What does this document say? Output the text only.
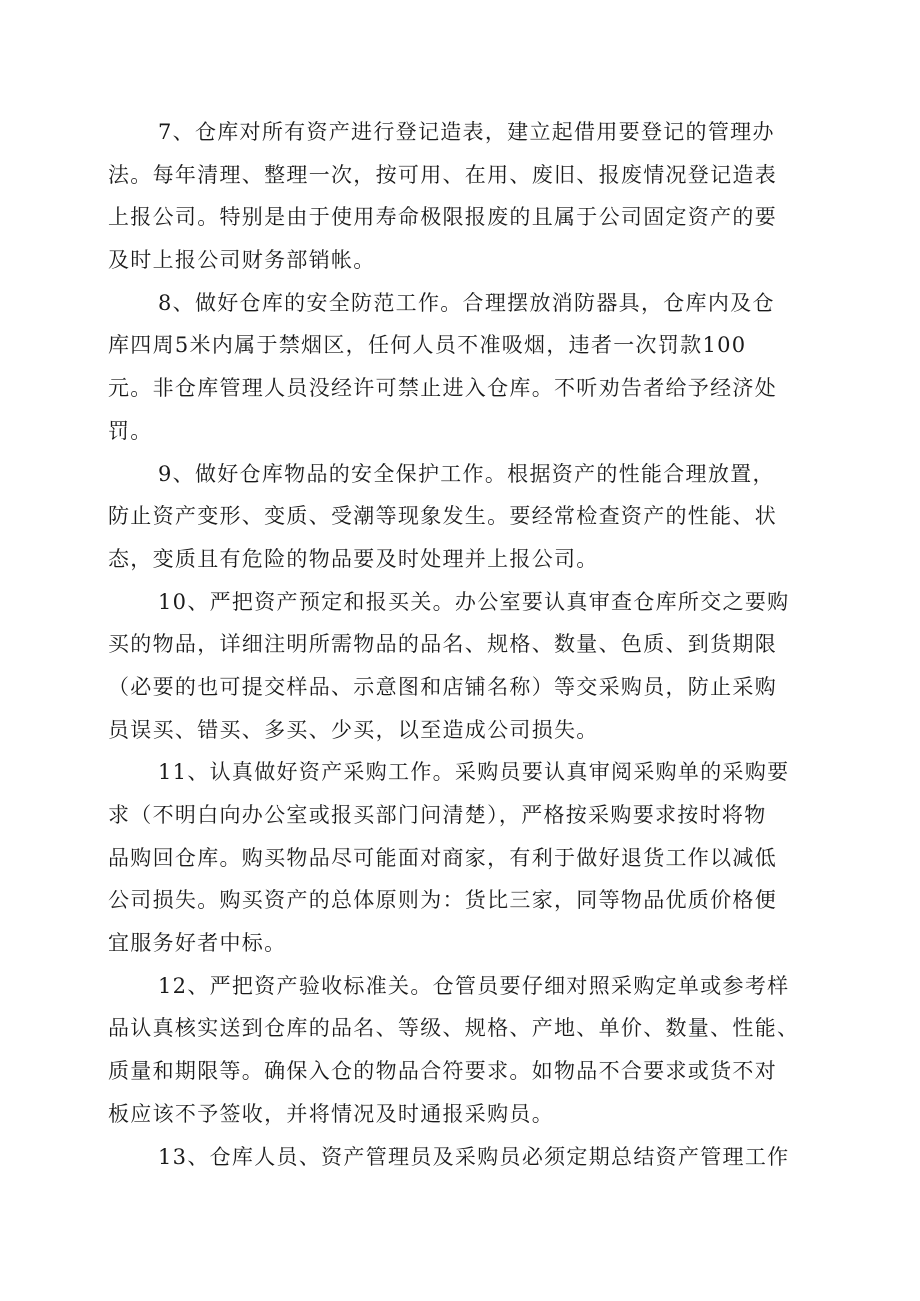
7、仓库对所有资产进行登记造表，建立起借用要登记的管理办
法。每年清理、整理一次，按可用、在用、废旧、报废情况登记造表
上报公司。特别是由于使用寿命极限报废的且属于公司固定资产的要
及时上报公司财务部销帐。
8、做好仓库的安全防范工作。合理摆放消防器具，仓库内及仓
库四周5米内属于禁烟区，任何人员不准吸烟，违者一次罚款100
元。非仓库管理人员没经许可禁止进入仓库。不听劝告者给予经济处
罚。
9、做好仓库物品的安全保护工作。根据资产的性能合理放置，
防止资产变形、变质、受潮等现象发生。要经常检查资产的性能、状
态，变质且有危险的物品要及时处理并上报公司。
10、严把资产预定和报买关。办公室要认真审查仓库所交之要购
买的物品，详细注明所需物品的品名、规格、数量、色质、到货期限
（必要的也可提交样品、示意图和店铺名称）等交采购员，防止采购
员误买、错买、多买、少买，以至造成公司损失。
11、认真做好资产采购工作。采购员要认真审阅采购单的采购要
求（不明白向办公室或报买部门问清楚），严格按采购要求按时将物
品购回仓库。购买物品尽可能面对商家，有利于做好退货工作以减低
公司损失。购买资产的总体原则为：货比三家，同等物品优质价格便
宜服务好者中标。
12、严把资产验收标准关。仓管员要仔细对照采购定单或参考样
品认真核实送到仓库的品名、等级、规格、产地、单价、数量、性能、
质量和期限等。确保入仓的物品合符要求。如物品不合要求或货不对
板应该不予签收，并将情况及时通报采购员。
13、仓库人员、资产管理员及采购员必须定期总结资产管理工作
